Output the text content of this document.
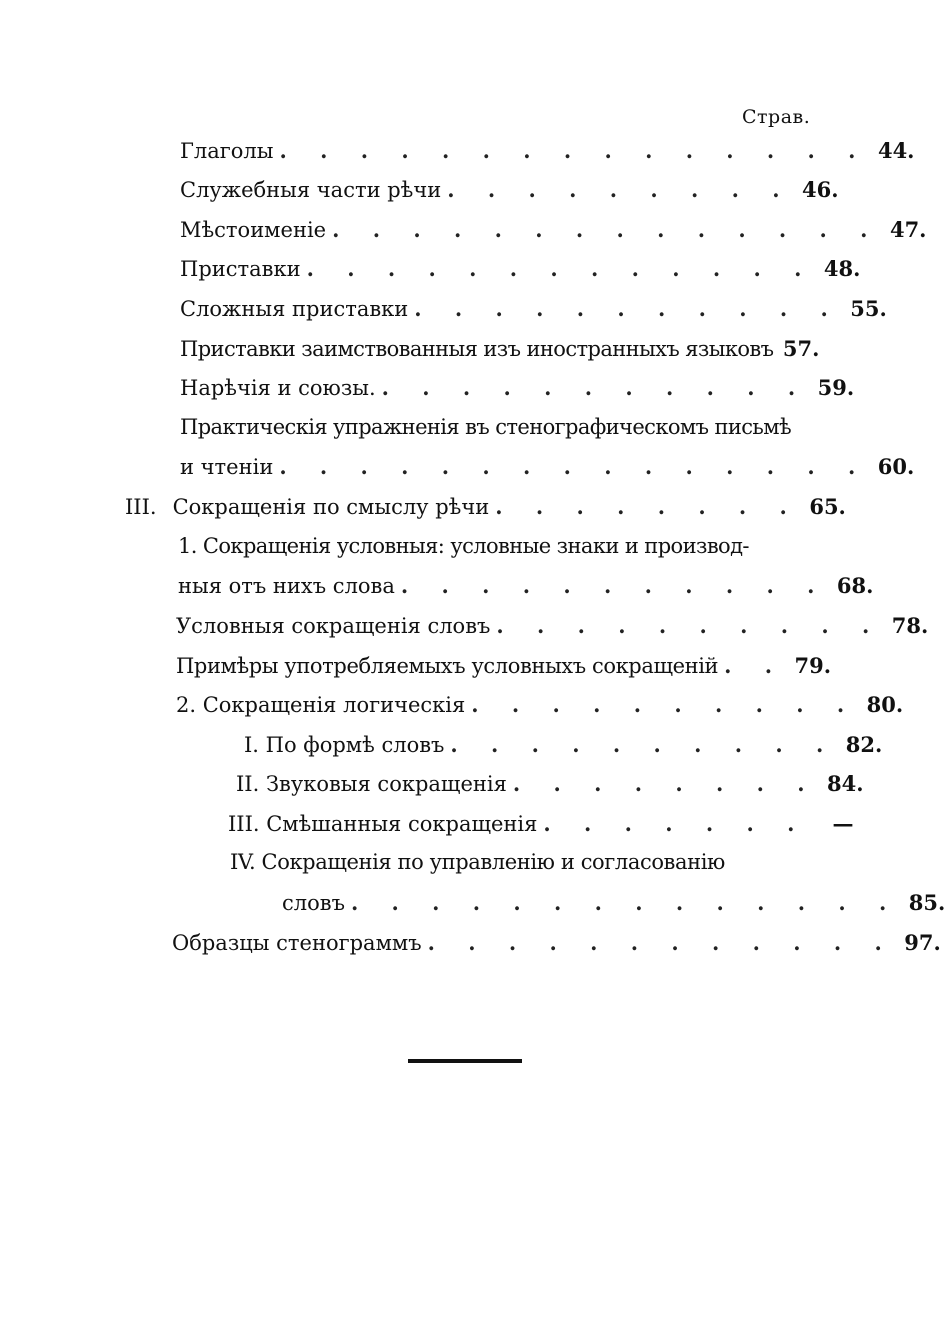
Страв.
Глаголы . . . . . . . . . . . . . . . 44.
Служебныя части рѣчи . . . . . . . . . 46.
Мѣстоименіе . . . . . . . . . . . . . . 47.
Приставки . . . . . . . . . . . . . 48.
Сложныя приставки . . . . . . . . . . . 55.
Приставки заимствованныя изъ иностранныхъ языковъ 57.
Нарѣчія и союзы. . . . . . . . . . . . 59.
Практическія упражненія въ стенографическомъ письмѣ
и чтеніи . . . . . . . . . . . . . . . 60.
III. Сокращенія по смыслу рѣчи . . . . . . . . 65.
1. Сокращенія условныя: условные знаки и производ-
ныя отъ нихъ слова . . . . . . . . . . . 68.
Условныя сокращенія словъ . . . . . . . . . . 78.
Примѣры употребляемыхъ условныхъ сокращеній . . 79.
2. Сокращенія логическія . . . . . . . . . . 80.
I. По формѣ словъ . . . . . . . . . . 82.
II. Звуковыя сокращенія . . . . . . . . 84.
III. Смѣшанныя сокращенія . . . . . . .	—
IV. Сокращенія по управленію и согласованію
словъ . . . . . . . . . . . . . . 85.
Образцы стенограммъ . . . . . . . . . . . . 97.
